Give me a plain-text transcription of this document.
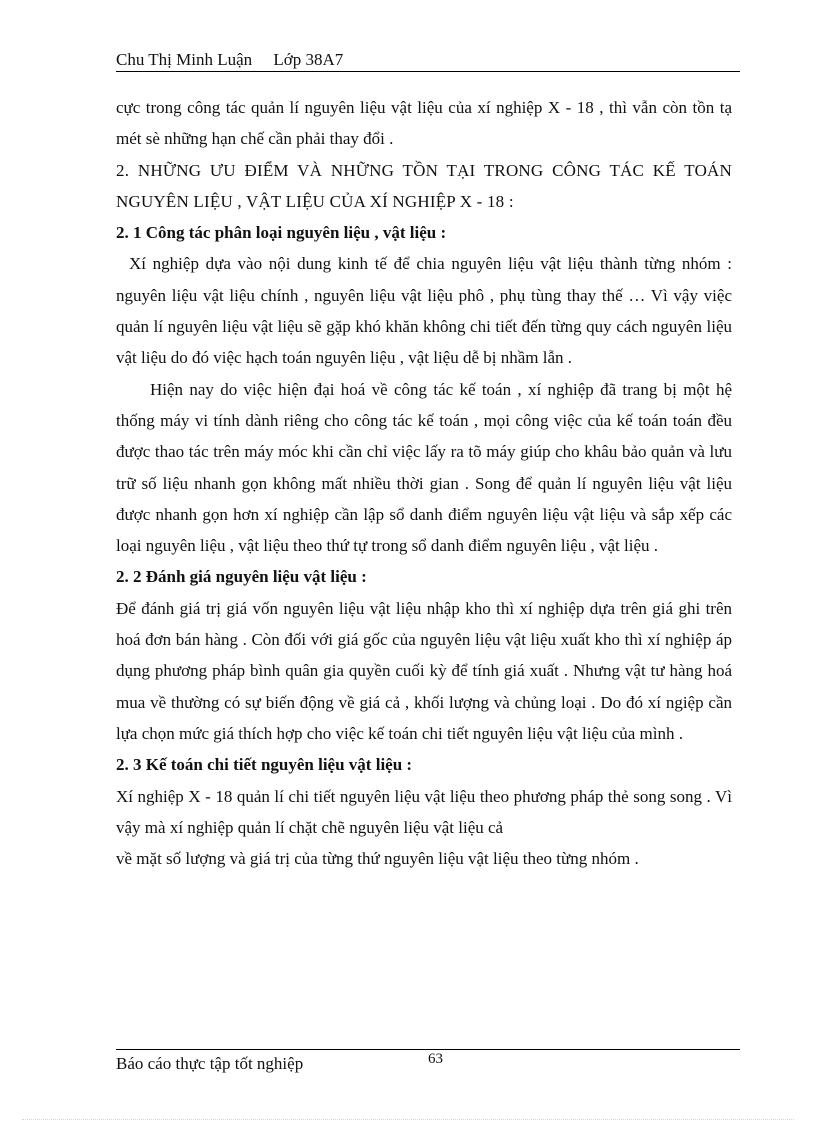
Chu Thị Minh Luận     Lớp 38A7

cực trong công tác quản lí nguyên liệu vật liệu của xí nghiệp X - 18 , thì vẫn còn tồn tạ mét sè những hạn chế cần phải thay đổi .

2. NHỮNG ƯU ĐIỂM VÀ NHỮNG TỒN TẠI TRONG CÔNG TÁC KẾ TOÁN NGUYÊN LIỆU , VẬT LIỆU CỦA XÍ NGHIỆP X - 18 :

2. 1 Công tác phân loại nguyên liệu , vật liệu :

Xí nghiệp dựa vào nội dung kinh tế để chia nguyên liệu vật liệu thành từng nhóm : nguyên liệu vật liệu chính , nguyên liệu vật liệu phô , phụ tùng thay thế … Vì vậy việc quản lí nguyên liệu vật liệu sẽ gặp khó khăn không chi tiết đến từng quy cách nguyên liệu vật liệu do đó việc hạch toán nguyên liệu , vật liệu dễ bị nhầm lẫn .

Hiện nay do việc hiện đại hoá về công tác kế toán , xí nghiệp đã trang bị một hệ thống máy vi tính dành riêng cho công tác kế toán , mọi công việc của kế toán toán đều được thao tác trên máy móc khi cần chỉ việc lấy ra tõ máy giúp cho khâu bảo quản và lưu trữ số liệu nhanh gọn không mất nhiều thời gian . Song để quản lí nguyên liệu vật liệu được nhanh gọn hơn xí nghiệp cần lập sổ danh điểm nguyên liệu vật liệu và sắp xếp các loại nguyên liệu , vật liệu theo thứ tự trong sổ danh điểm nguyên liệu , vật liệu .

2. 2 Đánh giá nguyên liệu vật liệu :

Để đánh giá trị giá vốn nguyên liệu vật liệu nhập kho thì xí nghiệp dựa trên giá ghi trên hoá đơn bán hàng . Còn đối với giá gốc của nguyên liệu vật liệu xuất kho thì xí nghiệp áp dụng phương pháp bình quân gia quyền cuối kỳ để tính giá xuất . Nhưng vật tư hàng hoá mua về thường có sự biến động về giá cả , khối lượng và chủng loại . Do đó xí ngiệp cần lựa chọn mức giá thích hợp cho việc kế toán chi tiết nguyên liệu vật liệu của mình .

2. 3 Kế toán chi tiết nguyên liệu vật liệu :

Xí nghiệp X - 18 quản lí chi tiết nguyên liệu vật liệu theo phương pháp thẻ song song . Vì vậy mà xí nghiệp quản lí chặt chẽ nguyên liệu vật liệu cả

về mặt số lượng và giá trị của từng thứ nguyên liệu vật liệu theo từng nhóm .

Báo cáo thực tập tốt nghiệp	63
